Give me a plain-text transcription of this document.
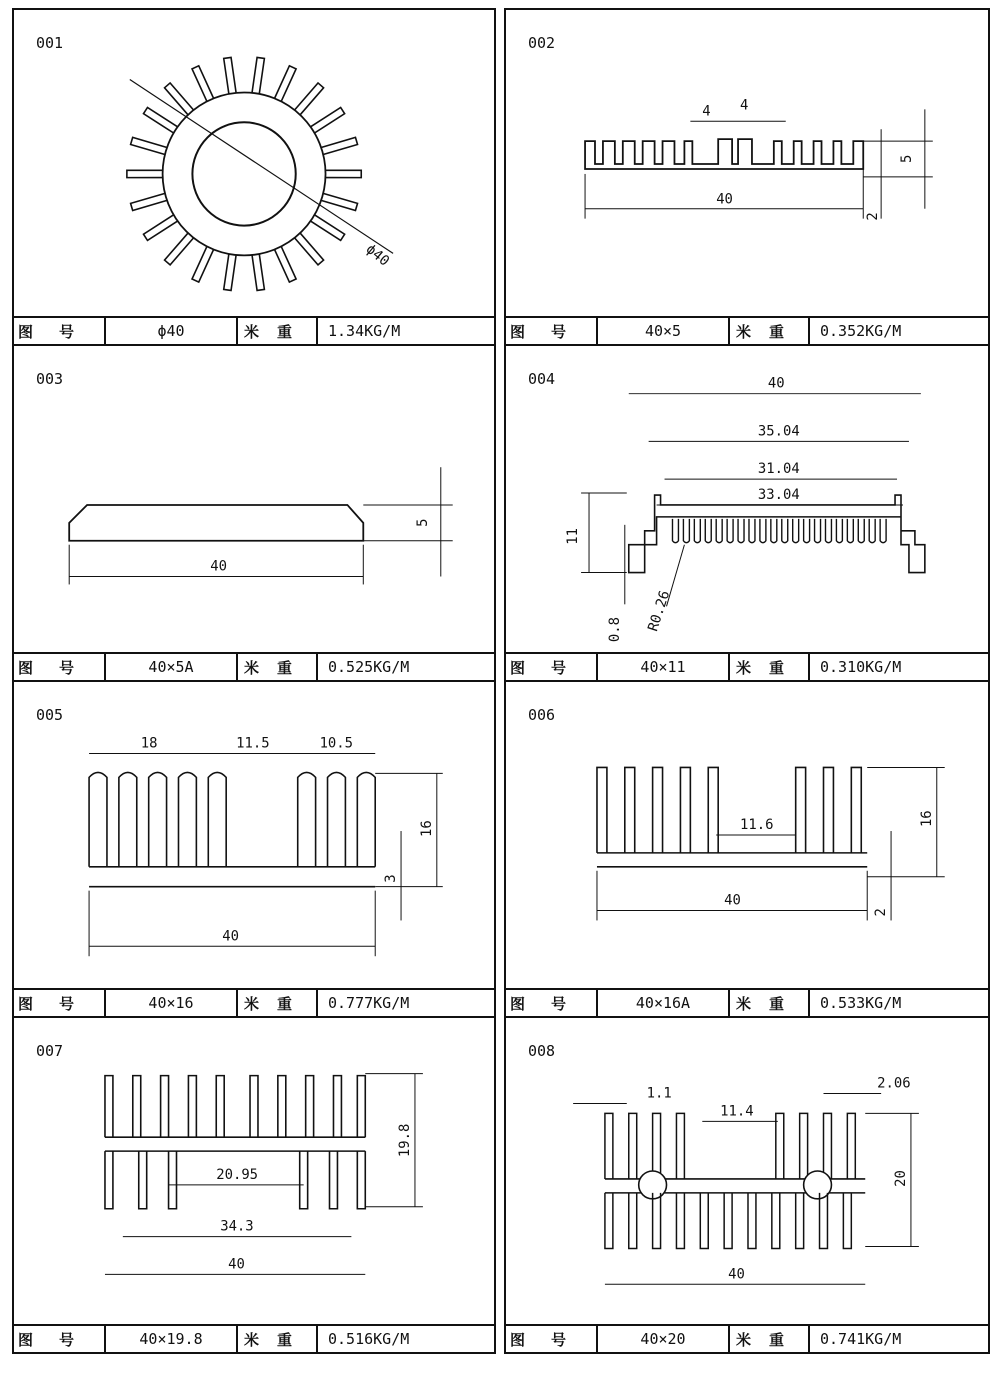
001
ϕ40
图号	ϕ40	米重	1.34KG/M
002
40
4 4
5
2
图号	40×5	米重	0.352KG/M
003
40
5
图号	40×5A	米重	0.525KG/M
004	40
35.04
31.04
33.04
11
0.8 R0.26
图号	40×11	米重	0.310KG/M
005
18	11.5	10.5
16
3
40
图号	40×16	米重	0.777KG/M
006
11.6	16
40
2
图号	40×16A	米重	0.533KG/M
007
19.8
20.95
34.3
40
图号	40×19.8	米重	0.516KG/M
008
1.1
11.4
2.06
20
40
图号	40×20	米重	0.741KG/M
